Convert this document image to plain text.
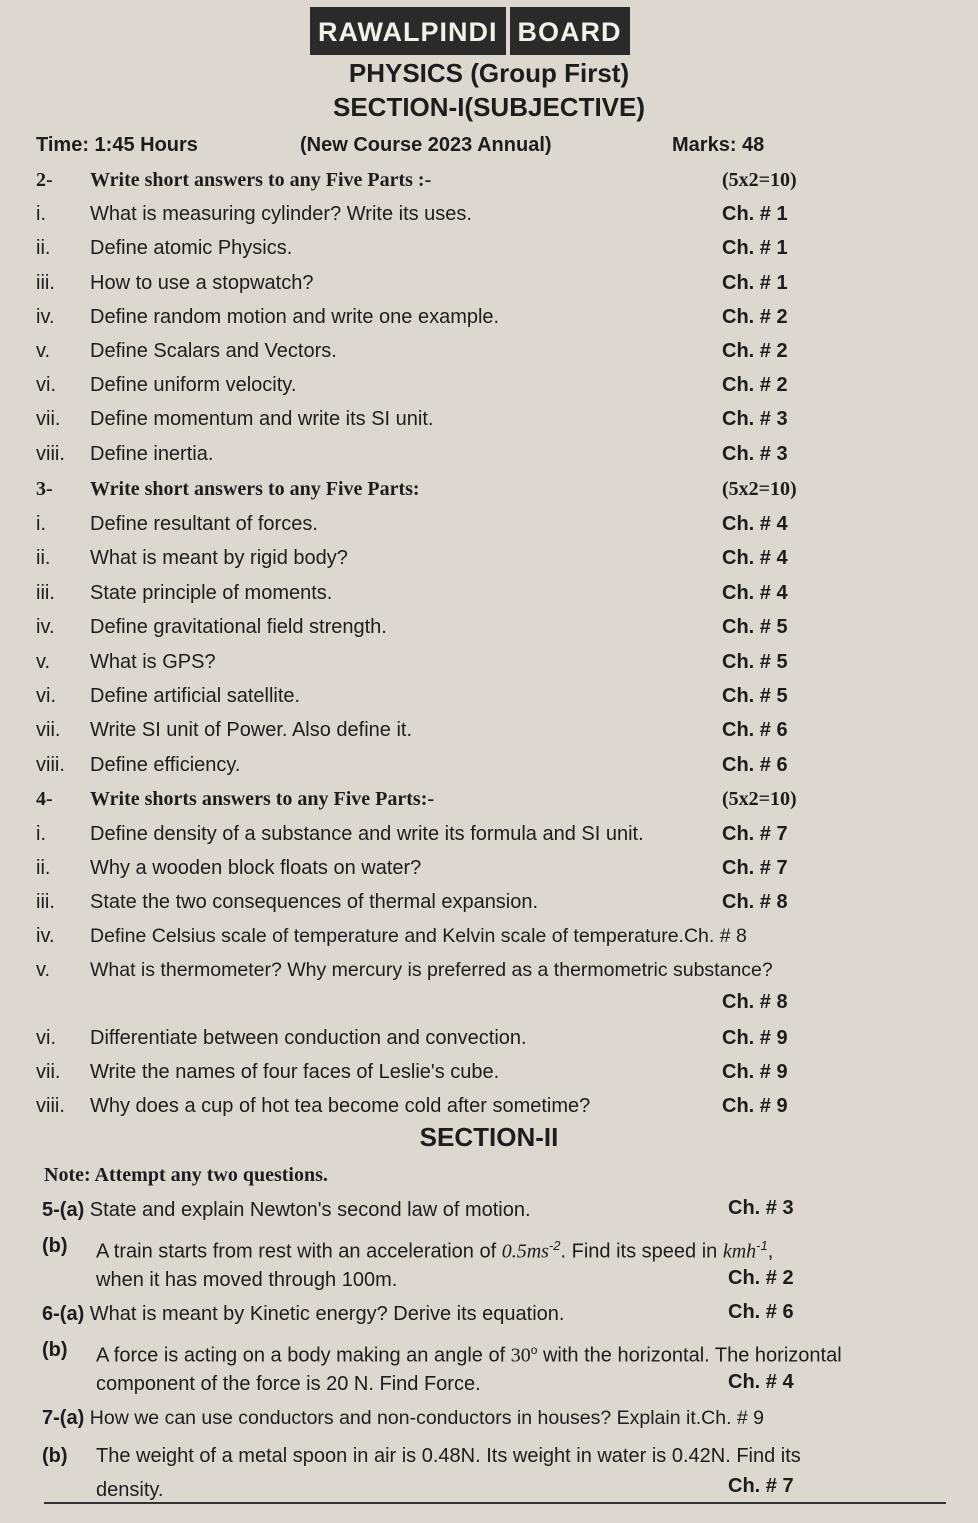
RAWALPINDI BOARD
PHYSICS (Group First)
SECTION-I(SUBJECTIVE)
Time: 1:45 Hours	(New Course 2023 Annual)	Marks: 48
2- Write short answers to any Five Parts :-	(5x2=10)
i. What is measuring cylinder? Write its uses.	Ch. # 1
ii. Define atomic Physics.	Ch. # 1
iii. How to use a stopwatch?	Ch. # 1
iv. Define random motion and write one example.	Ch. # 2
v. Define Scalars and Vectors.	Ch. # 2
vi. Define uniform velocity.	Ch. # 2
vii. Define momentum and write its SI unit.	Ch. # 3
viii. Define inertia.	Ch. # 3
3- Write short answers to any Five Parts:	(5x2=10)
i. Define resultant of forces.	Ch. # 4
ii. What is meant by rigid body?	Ch. # 4
iii. State principle of moments.	Ch. # 4
iv. Define gravitational field strength.	Ch. # 5
v. What is GPS?	Ch. # 5
vi. Define artificial satellite.	Ch. # 5
vii. Write SI unit of Power. Also define it.	Ch. # 6
viii. Define efficiency.	Ch. # 6
4- Write shorts answers to any Five Parts:-	(5x2=10)
i. Define density of a substance and write its formula and SI unit.	Ch. # 7
ii. Why a wooden block floats on water?	Ch. # 7
iii. State the two consequences of thermal expansion.	Ch. # 8
iv. Define Celsius scale of temperature and Kelvin scale of temperature.Ch. # 8
v. What is thermometer? Why mercury is preferred as a thermometric substance?
Ch. # 8
vi. Differentiate between conduction and convection.	Ch. # 9
vii. Write the names of four faces of Leslie's cube.	Ch. # 9
viii. Why does a cup of hot tea become cold after sometime?	Ch. # 9
SECTION-II
Note: Attempt any two questions.
5-(a) State and explain Newton's second law of motion.	Ch. # 3
(b) A train starts from rest with an acceleration of $0.5ms^{-2}$. Find its speed in kmh$^{-1}$,
when it has moved through 100m.	Ch. # 2
6-(a) What is meant by Kinetic energy? Derive its equation.	Ch. # 6
(b) A force is acting on a body making an angle of 30$^o$ with the horizontal. The horizontal
component of the force is 20 N. Find Force.	Ch. # 4
7-(a) How we can use conductors and non-conductors in houses? Explain it.Ch. # 9
(b) The weight of a metal spoon in air is 0.48N. Its weight in water is 0.42N. Find its
density.	Ch. # 7
